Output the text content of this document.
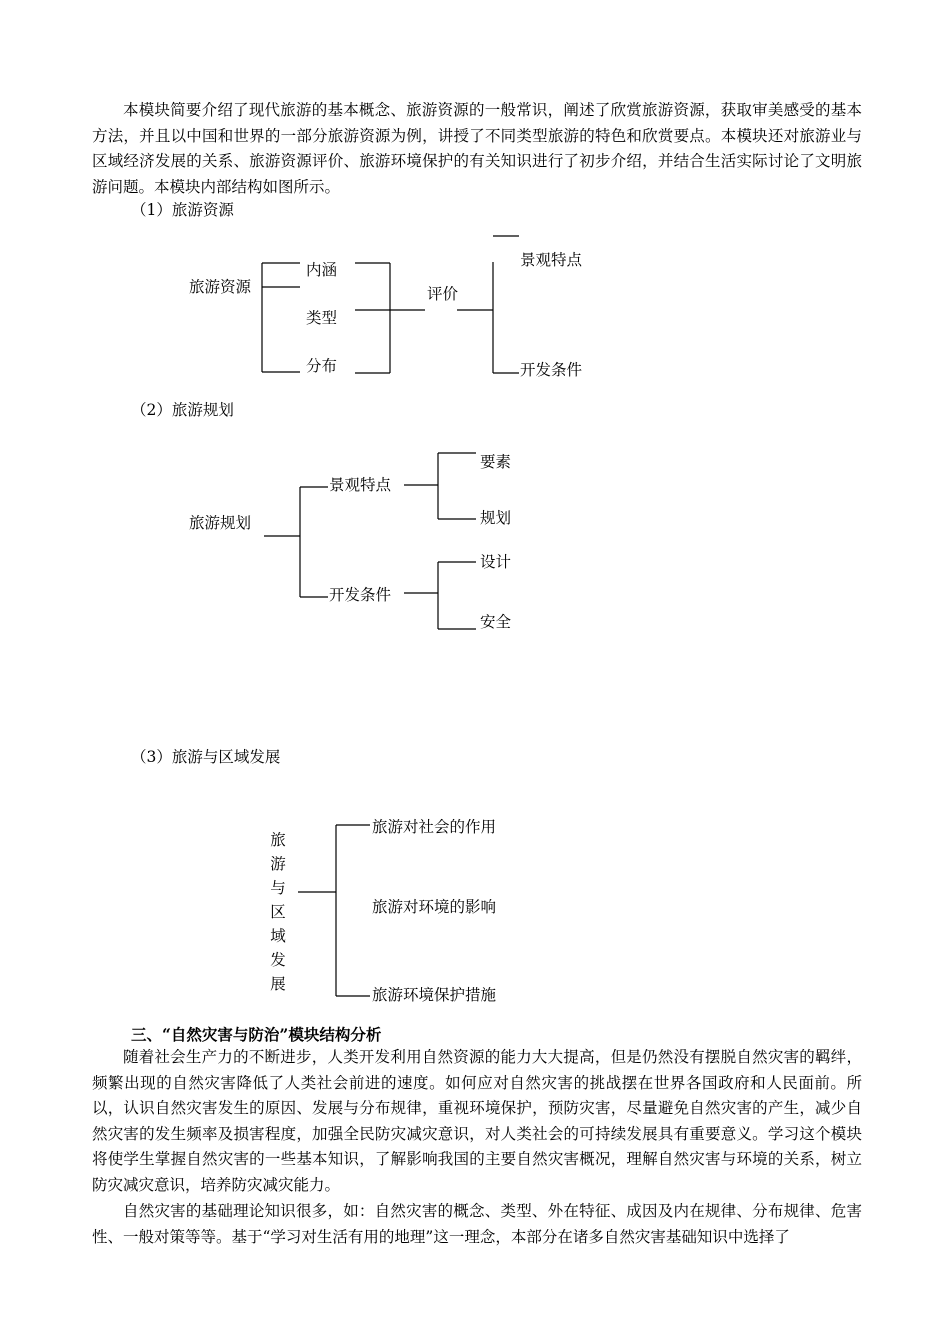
本模块简要介绍了现代旅游的基本概念、旅游资源的一般常识，阐述了欣赏旅游资源，获取审美感受的基本方法，并且以中国和世界的一部分旅游资源为例，讲授了不同类型旅游的特色和欣赏要点。本模块还对旅游业与区域经济发展的关系、旅游资源评价、旅游环境保护的有关知识进行了初步介绍，并结合生活实际讨论了文明旅游问题。本模块内部结构如图所示。

（1）旅游资源
旅游资源
内涵
类型
分布
评价
景观特点
开发条件
（2）旅游规划
旅游规划
景观特点
开发条件
要素
规划
设计
安全
（3）旅游与区域发展
旅
游
与
区
域
发
展
旅游对社会的作用
旅游对环境的影响
旅游环境保护措施
三、“自然灾害与防治”模块结构分析

随着社会生产力的不断进步，人类开发利用自然资源的能力大大提高，但是仍然没有摆脱自然灾害的羁绊，频繁出现的自然灾害降低了人类社会前进的速度。如何应对自然灾害的挑战摆在世界各国政府和人民面前。所以，认识自然灾害发生的原因、发展与分布规律，重视环境保护，预防灾害，尽量避免自然灾害的产生，减少自然灾害的发生频率及损害程度，加强全民防灾减灾意识，对人类社会的可持续发展具有重要意义。学习这个模块将使学生掌握自然灾害的一些基本知识，了解影响我国的主要自然灾害概况，理解自然灾害与环境的关系，树立防灾减灾意识，培养防灾减灾能力。

自然灾害的基础理论知识很多，如：自然灾害的概念、类型、外在特征、成因及内在规律、分布规律、危害性、一般对策等等。基于“学习对生活有用的地理”这一理念，本部分在诸多自然灾害基础知识中选择了
